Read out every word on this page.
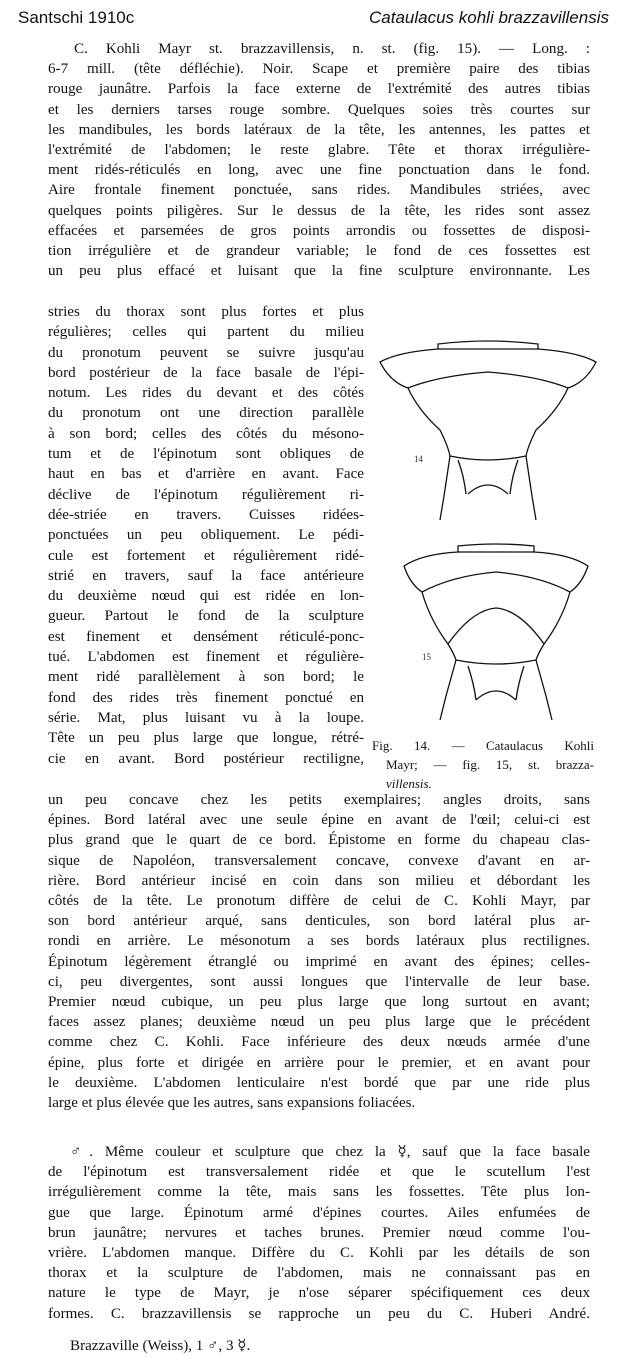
Santschi 1910c	Cataulacus kohli brazzavillensis
C. Kohli Mayr st. brazzavillensis, n. st. (fig. 15). — Long. :
6-7 mill. (tête défléchie). Noir. Scape et première paire des tibias
rouge jaunâtre. Parfois la face externe de l'extrémité des autres tibias
et les derniers tarses rouge sombre. Quelques soies très courtes sur
les mandibules, les bords latéraux de la tête, les antennes, les pattes et
l'extrémité de l'abdomen; le reste glabre. Tête et thorax irrégulière-
ment ridés-réticulés en long, avec une fine ponctuation dans le fond.
Aire frontale finement ponctuée, sans rides. Mandibules striées, avec
quelques points piligères. Sur le dessus de la tête, les rides sont assez
effacées et parsemées de gros points arrondis ou fossettes de disposi-
tion irrégulière et de grandeur variable; le fond de ces fossettes est
un peu plus effacé et luisant que la fine sculpture environnante. Les
stries du thorax sont plus fortes et plus
régulières; celles qui partent du milieu
du pronotum peuvent se suivre jusqu'au
bord postérieur de la face basale de l'épi-
notum. Les rides du devant et des côtés
du pronotum ont une direction parallèle
à son bord; celles des côtés du mésono-
tum et de l'épinotum sont obliques de
haut en bas et d'arrière en avant. Face
déclive de l'épinotum régulièrement ri-
dée-striée en travers. Cuisses ridées-
ponctuées un peu obliquement. Le pédi-
cule est fortement et régulièrement ridé-
strié en travers, sauf la face antérieure
du deuxième nœud qui est ridée en lon-
gueur. Partout le fond de la sculpture
est finement et densément réticulé-ponc-
tué. L'abdomen est finement et régulière-
ment ridé parallèlement à son bord; le
fond des rides très finement ponctué en
série. Mat, plus luisant vu à la loupe.
Tête un peu plus large que longue, rétré-
cie en avant. Bord postérieur rectiligne,
14
15
Fig. 14. — Cataulacus Kohli
Mayr; — fig. 15, st. brazza-
villensis.
un peu concave chez les petits exemplaires; angles droits, sans
épines. Bord latéral avec une seule épine en avant de l'œil; celui-ci est
plus grand que le quart de ce bord. Épistome en forme du chapeau clas-
sique de Napoléon, transversalement concave, convexe d'avant en ar-
rière. Bord antérieur incisé en coin dans son milieu et débordant les
côtés de la tête. Le pronotum diffère de celui de C. Kohli Mayr, par
son bord antérieur arqué, sans denticules, son bord latéral plus ar-
rondi en arrière. Le mésonotum a ses bords latéraux plus rectilignes.
Épinotum légèrement étranglé ou imprimé en avant des épines; celles-
ci, peu divergentes, sont aussi longues que l'intervalle de leur base.
Premier nœud cubique, un peu plus large que long surtout en avant;
faces assez planes; deuxième nœud un peu plus large que le précédent
comme chez C. Kohli. Face inférieure des deux nœuds armée d'une
épine, plus forte et dirigée en arrière pour le premier, et en avant pour
le deuxième. L'abdomen lenticulaire n'est bordé que par une ride plus
large et plus élevée que les autres, sans expansions foliacées.
♂. Même couleur et sculpture que chez la ☿, sauf que la face basale
de l'épinotum est transversalement ridée et que le scutellum l'est
irrégulièrement comme la tête, mais sans les fossettes. Tête plus lon-
gue que large. Épinotum armé d'épines courtes. Ailes enfumées de
brun jaunâtre; nervures et taches brunes. Premier nœud comme l'ou-
vrière. L'abdomen manque. Diffère du C. Kohli par les détails de son
thorax et la sculpture de l'abdomen, mais ne connaissant pas en
nature le type de Mayr, je n'ose séparer spécifiquement ces deux
formes. C. brazzavillensis se rapproche un peu du C. Huberi André.
Brazzaville (Weiss), 1 ♂, 3 ☿.
